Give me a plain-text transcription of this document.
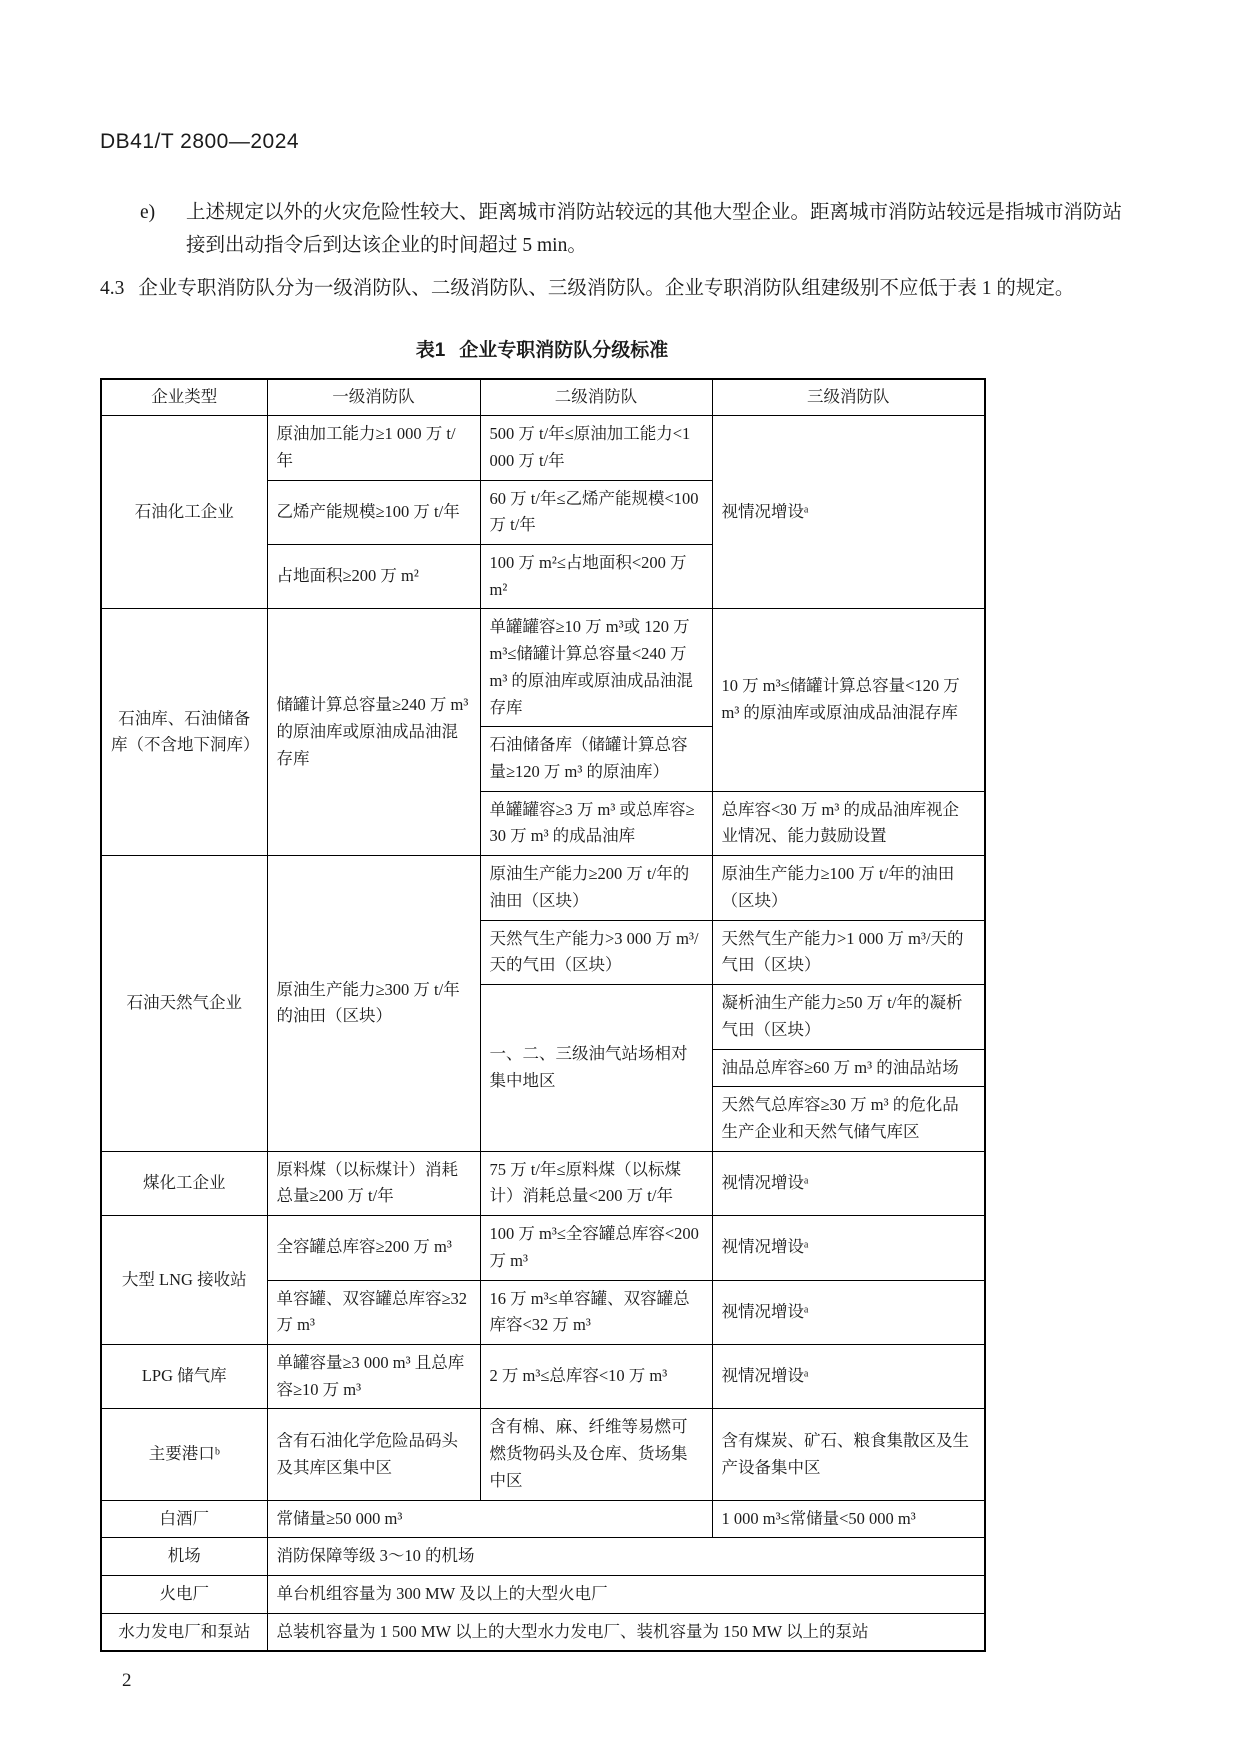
DB41/T 2800—2024
e)	上述规定以外的火灾危险性较大、距离城市消防站较远的其他大型企业。距离城市消防站较远是指城市消防站接到出动指令后到达该企业的时间超过 5 min。

4.3 企业专职消防队分为一级消防队、二级消防队、三级消防队。企业专职消防队组建级别不应低于表 1 的规定。

表1 企业专职消防队分级标准
企业类型	一级消防队	二级消防队	三级消防队
石油化工企业	原油加工能力≥1 000 万 t/年	500 万 t/年≤原油加工能力<1 000 万 t/年	视情况增设ᵃ
	乙烯产能规模≥100 万 t/年	60 万 t/年≤乙烯产能规模<100 万 t/年	
	占地面积≥200 万 m²	100 万 m²≤占地面积<200 万 m²	
石油库、石油储备库（不含地下洞库）	储罐计算总容量≥240 万 m³ 的原油库或原油成品油混存库	单罐罐容≥10 万 m³或 120 万 m³≤储罐计算总容量<240 万 m³ 的原油库或原油成品油混存库	10 万 m³≤储罐计算总容量<120 万 m³ 的原油库或原油成品油混存库
		石油储备库（储罐计算总容量≥120 万 m³ 的原油库）	
		单罐罐容≥3 万 m³ 或总库容≥30 万 m³ 的成品油库	总库容<30 万 m³ 的成品油库视企业情况、能力鼓励设置
石油天然气企业	原油生产能力≥300 万 t/年的油田（区块）	原油生产能力≥200 万 t/年的油田（区块）	原油生产能力≥100 万 t/年的油田（区块）
		天然气生产能力>3 000 万 m³/天的气田（区块）	天然气生产能力>1 000 万 m³/天的气田（区块）
		一、二、三级油气站场相对集中地区	凝析油生产能力≥50 万 t/年的凝析气田（区块）
			油品总库容≥60 万 m³ 的油品站场
			天然气总库容≥30 万 m³ 的危化品生产企业和天然气储气库区
煤化工企业	原料煤（以标煤计）消耗总量≥200 万 t/年	75 万 t/年≤原料煤（以标煤计）消耗总量<200 万 t/年	视情况增设ᵃ
大型 LNG 接收站	全容罐总库容≥200 万 m³	100 万 m³≤全容罐总库容<200 万 m³	视情况增设ᵃ
	单容罐、双容罐总库容≥32 万 m³	16 万 m³≤单容罐、双容罐总库容<32 万 m³	视情况增设ᵃ
LPG 储气库	单罐容量≥3 000 m³ 且总库容≥10 万 m³	2 万 m³≤总库容<10 万 m³	视情况增设ᵃ
主要港口ᵇ	含有石油化学危险品码头及其库区集中区	含有棉、麻、纤维等易燃可燃货物码头及仓库、货场集中区	含有煤炭、矿石、粮食集散区及生产设备集中区
白酒厂	常储量≥50 000 m³		1 000 m³≤常储量<50 000 m³
机场	消防保障等级 3～10 的机场		
火电厂	单台机组容量为 300 MW 及以上的大型火电厂		
水力发电厂和泵站	总装机容量为 1 500 MW 以上的大型水力发电厂、装机容量为 150 MW 以上的泵站		
2
